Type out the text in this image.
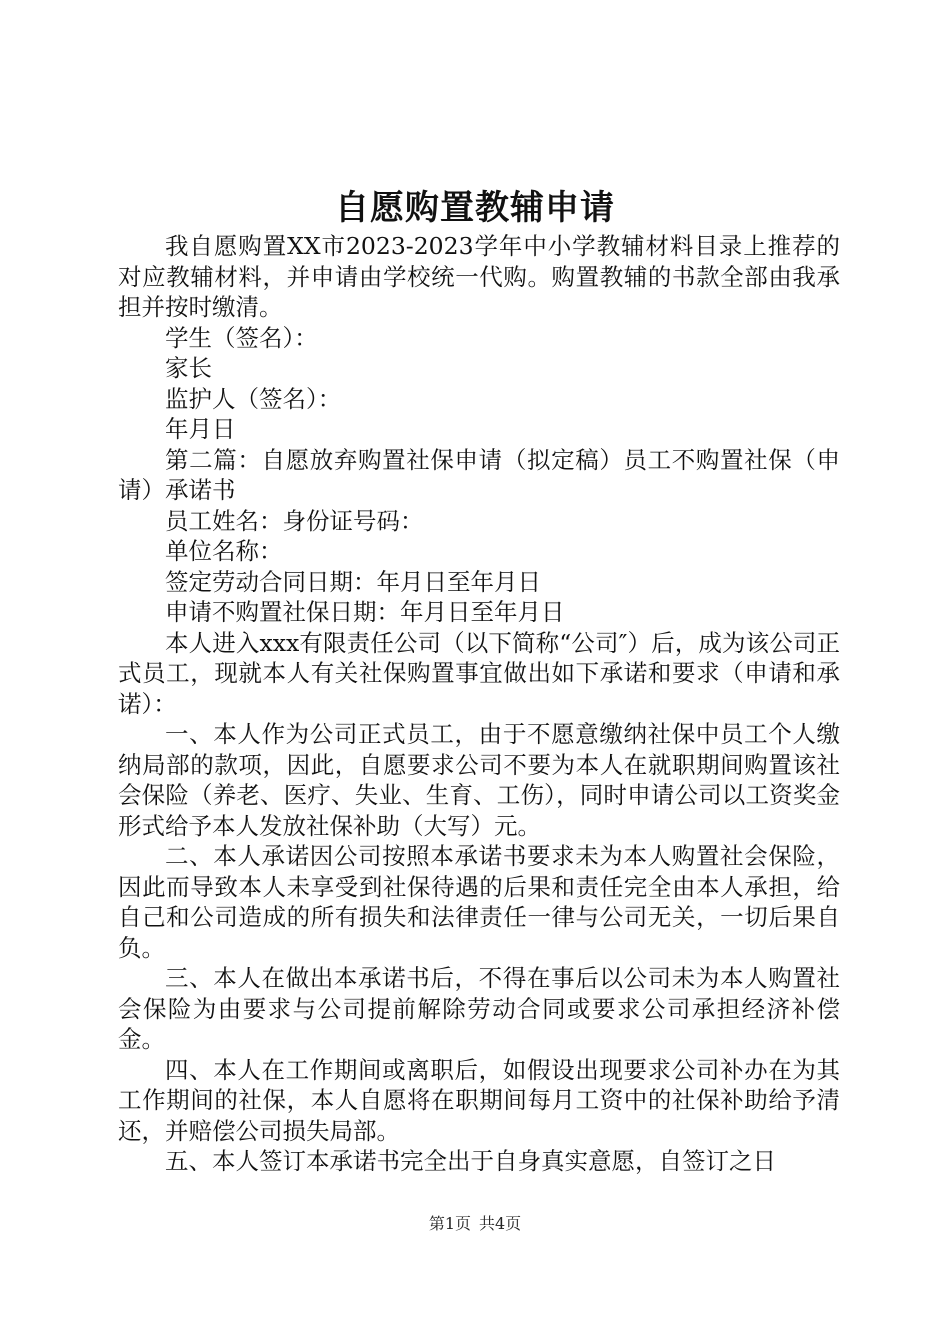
自愿购置教辅申请

我自愿购置XX市2023-2023学年中小学教辅材料目录上推荐的对应教辅材料，并申请由学校统一代购。购置教辅的书款全部由我承担并按时缴清。

学生（签名）：

家长

监护人（签名）：

年月日

第二篇：自愿放弃购置社保申请（拟定稿）员工不购置社保（申请）承诺书

员工姓名：身份证号码：

单位名称：

签定劳动合同日期：年月日至年月日

申请不购置社保日期：年月日至年月日

本人进入xxx有限责任公司（以下简称“公司″）后，成为该公司正式员工，现就本人有关社保购置事宜做出如下承诺和要求（申请和承诺）：

一、本人作为公司正式员工，由于不愿意缴纳社保中员工个人缴纳局部的款项，因此，自愿要求公司不要为本人在就职期间购置该社会保险（养老、医疗、失业、生育、工伤），同时申请公司以工资奖金形式给予本人发放社保补助（大写）元。

二、本人承诺因公司按照本承诺书要求未为本人购置社会保险，因此而导致本人未享受到社保待遇的后果和责任完全由本人承担，给自己和公司造成的所有损失和法律责任一律与公司无关，一切后果自负。

三、本人在做出本承诺书后，不得在事后以公司未为本人购置社会保险为由要求与公司提前解除劳动合同或要求公司承担经济补偿金。

四、本人在工作期间或离职后，如假设出现要求公司补办在为其工作期间的社保，本人自愿将在职期间每月工资中的社保补助给予清还，并赔偿公司损失局部。

五、本人签订本承诺书完全出于自身真实意愿，自签订之日

第1页 共4页
